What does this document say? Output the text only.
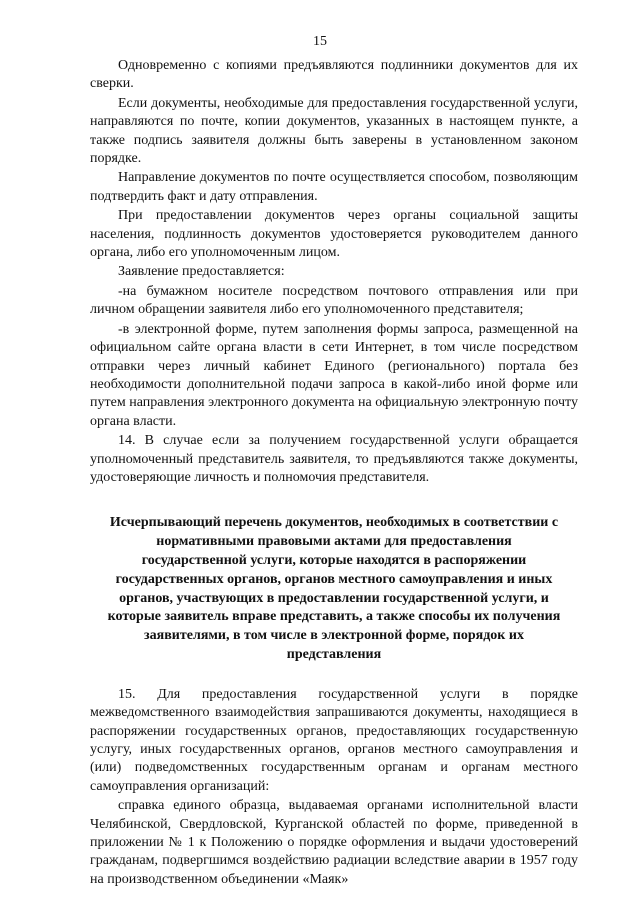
15

Одновременно с копиями предъявляются подлинники документов для их сверки.

Если документы, необходимые для предоставления государственной услуги, направляются по почте, копии документов, указанных в настоящем пункте, а также подпись заявителя должны быть заверены в установленном законом порядке.

Направление документов по почте осуществляется способом, позволяющим подтвердить факт и дату отправления.

При предоставлении документов через органы социальной защиты населения, подлинность документов удостоверяется руководителем данного органа, либо его уполномоченным лицом.

Заявление предоставляется:

-на бумажном носителе посредством почтового отправления или при личном обращении заявителя либо его уполномоченного представителя;

-в электронной форме, путем заполнения формы запроса, размещенной на официальном сайте органа власти в сети Интернет, в том числе посредством отправки через личный кабинет Единого (регионального) портала без необходимости дополнительной подачи запроса в какой-либо иной форме или путем направления электронного документа на официальную электронную почту органа власти.

14. В случае если за получением государственной услуги обращается уполномоченный представитель заявителя, то предъявляются также документы, удостоверяющие личность и полномочия представителя.

Исчерпывающий перечень документов, необходимых в соответствии с нормативными правовыми актами для предоставления государственной услуги, которые находятся в распоряжении государственных органов, органов местного самоуправления и иных органов, участвующих в предоставлении государственной услуги, и которые заявитель вправе представить, а также способы их получения заявителями, в том числе в электронной форме, порядок их представления

15. Для предоставления государственной услуги в порядке межведомственного взаимодействия запрашиваются документы, находящиеся в распоряжении государственных органов, предоставляющих государственную услугу, иных государственных органов, органов местного самоуправления и (или) подведомственных государственным органам и органам местного самоуправления организаций:

справка единого образца, выдаваемая органами исполнительной власти Челябинской, Свердловской, Курганской областей по форме, приведенной в приложении № 1 к Положению о порядке оформления и выдачи удостоверений гражданам, подвергшимся воздействию радиации вследствие аварии в 1957 году на производственном объединении «Маяк»
